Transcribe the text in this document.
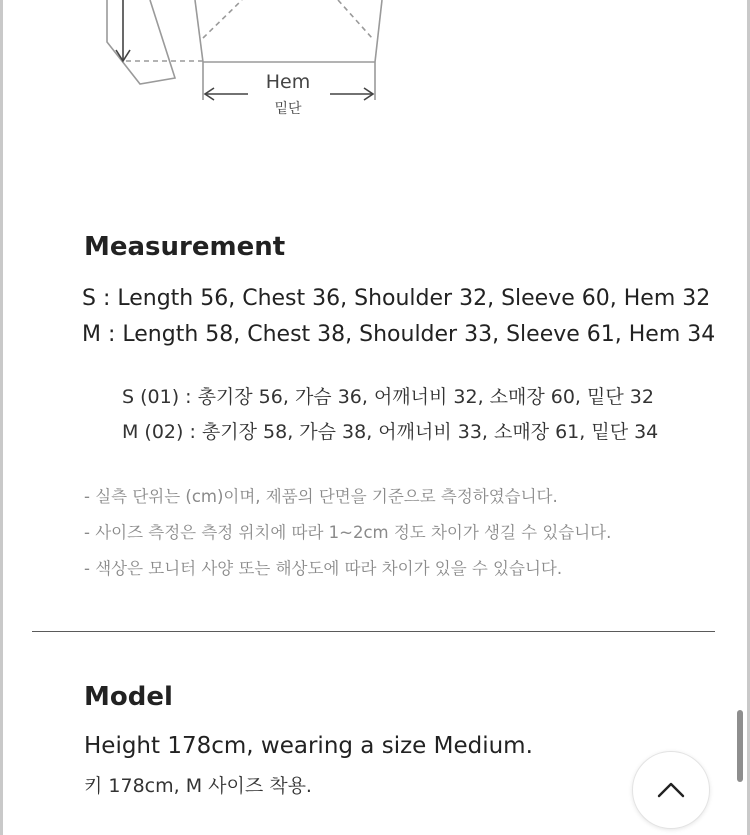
Hem
밑단
Measurement
S : Length 56, Chest 36, Shoulder 32, Sleeve 60, Hem 32
M : Length 58, Chest 38, Shoulder 33, Sleeve 61, Hem 34
S (01) : 총기장 56, 가슴 36, 어깨너비 32, 소매장 60, 밑단 32
M (02) : 총기장 58, 가슴 38, 어깨너비 33, 소매장 61, 밑단 34
- 실측 단위는 (cm)이며, 제품의 단면을 기준으로 측정하였습니다.
- 사이즈 측정은 측정 위치에 따라 1~2cm 정도 차이가 생길 수 있습니다.
- 색상은 모니터 사양 또는 해상도에 따라 차이가 있을 수 있습니다.
Model
Height 178cm, wearing a size Medium.
키 178cm, M 사이즈 착용.
